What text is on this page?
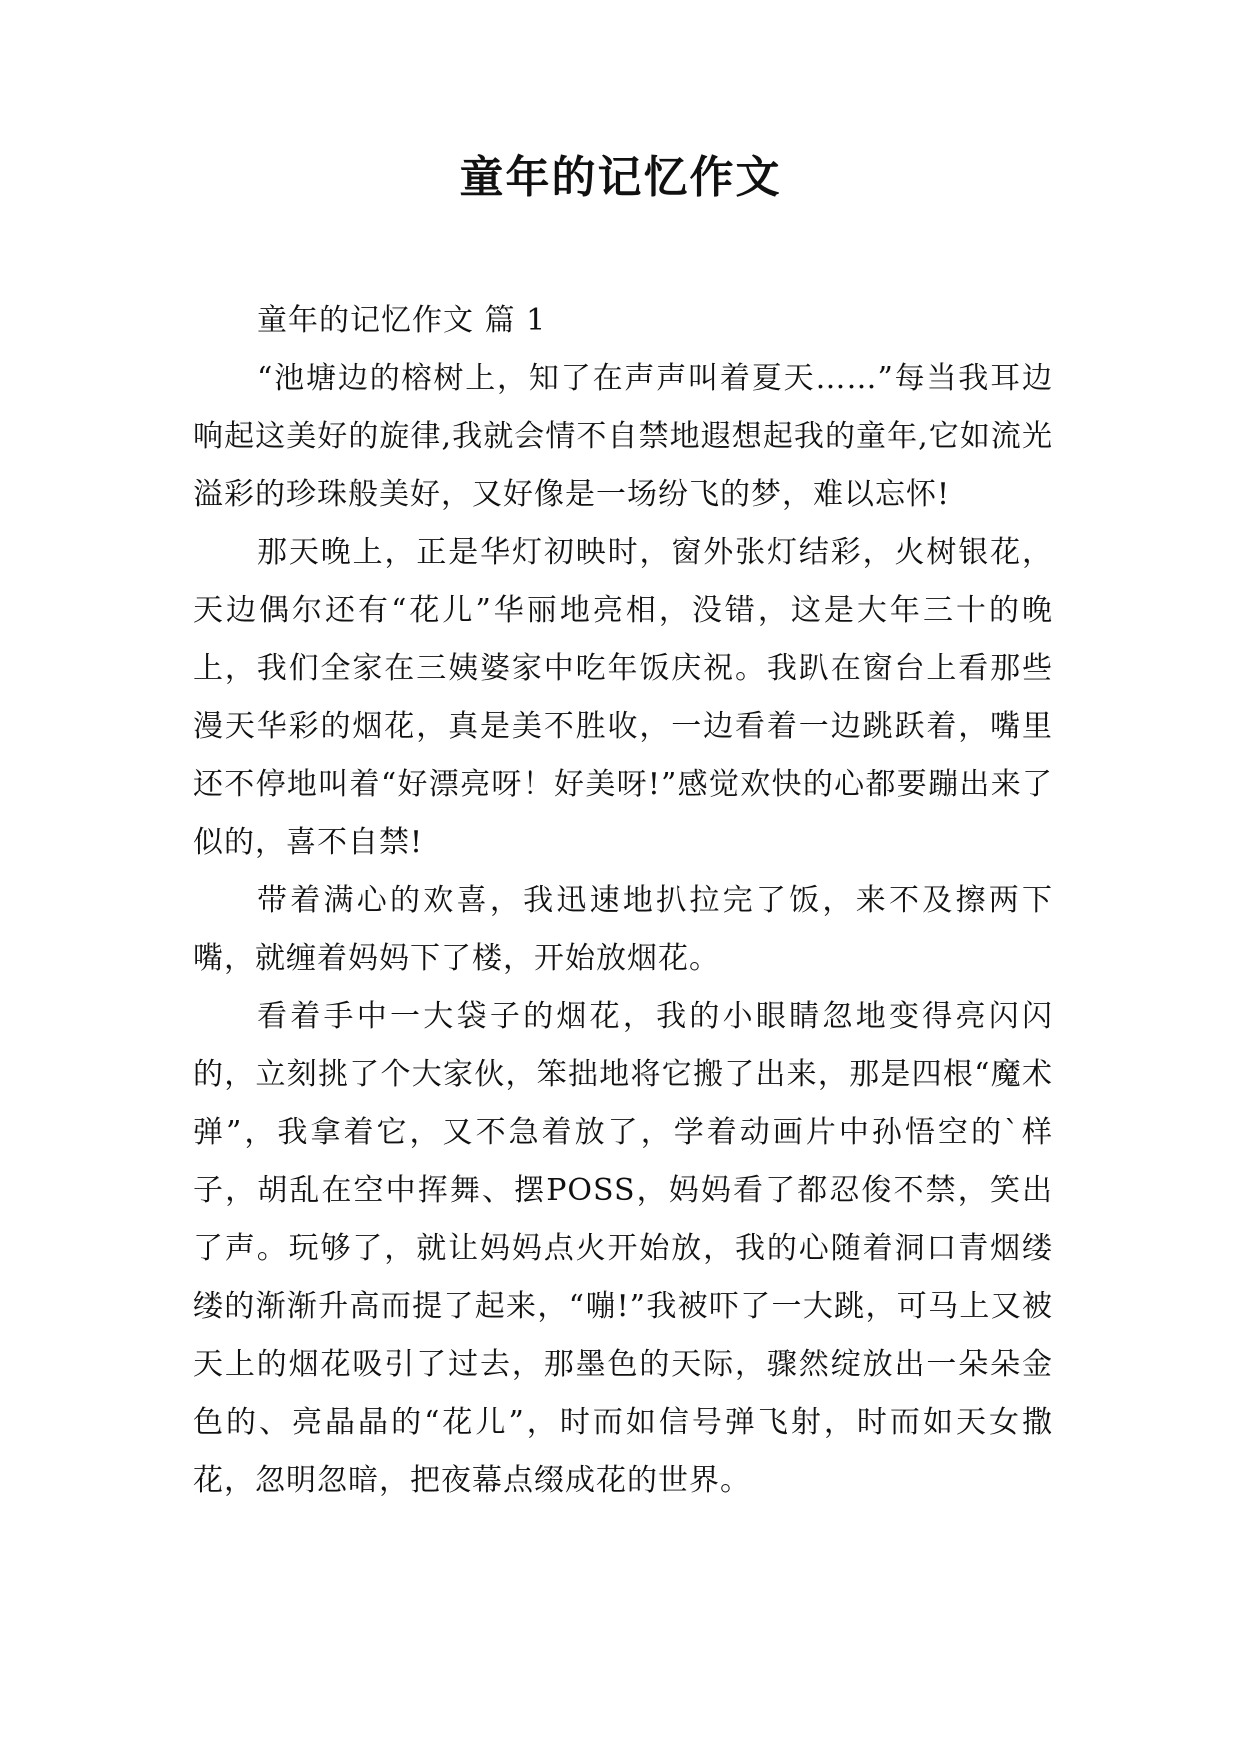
童年的记忆作文

童年的记忆作文 篇 1

“池塘边的榕树上，知了在声声叫着夏天……”每当我耳边响起这美好的旋律,我就会情不自禁地遐想起我的童年,它如流光溢彩的珍珠般美好，又好像是一场纷飞的梦，难以忘怀!

那天晚上，正是华灯初映时，窗外张灯结彩，火树银花，天边偶尔还有“花儿”华丽地亮相，没错，这是大年三十的晚上，我们全家在三姨婆家中吃年饭庆祝。我趴在窗台上看那些漫天华彩的烟花，真是美不胜收，一边看着一边跳跃着，嘴里还不停地叫着“好漂亮呀！好美呀!”感觉欢快的心都要蹦出来了似的，喜不自禁!

带着满心的欢喜，我迅速地扒拉完了饭，来不及擦两下嘴，就缠着妈妈下了楼，开始放烟花。

看着手中一大袋子的烟花，我的小眼睛忽地变得亮闪闪的，立刻挑了个大家伙，笨拙地将它搬了出来，那是四根“魔术弹”，我拿着它，又不急着放了，学着动画片中孙悟空的`样子，胡乱在空中挥舞、摆POSS，妈妈看了都忍俊不禁，笑出了声。玩够了，就让妈妈点火开始放，我的心随着洞口青烟缕缕的渐渐升高而提了起来，“嘣!”我被吓了一大跳，可马上又被天上的烟花吸引了过去，那墨色的天际，骤然绽放出一朵朵金色的、亮晶晶的“花儿”，时而如信号弹飞射，时而如天女撒花，忽明忽暗，把夜幕点缀成花的世界。
